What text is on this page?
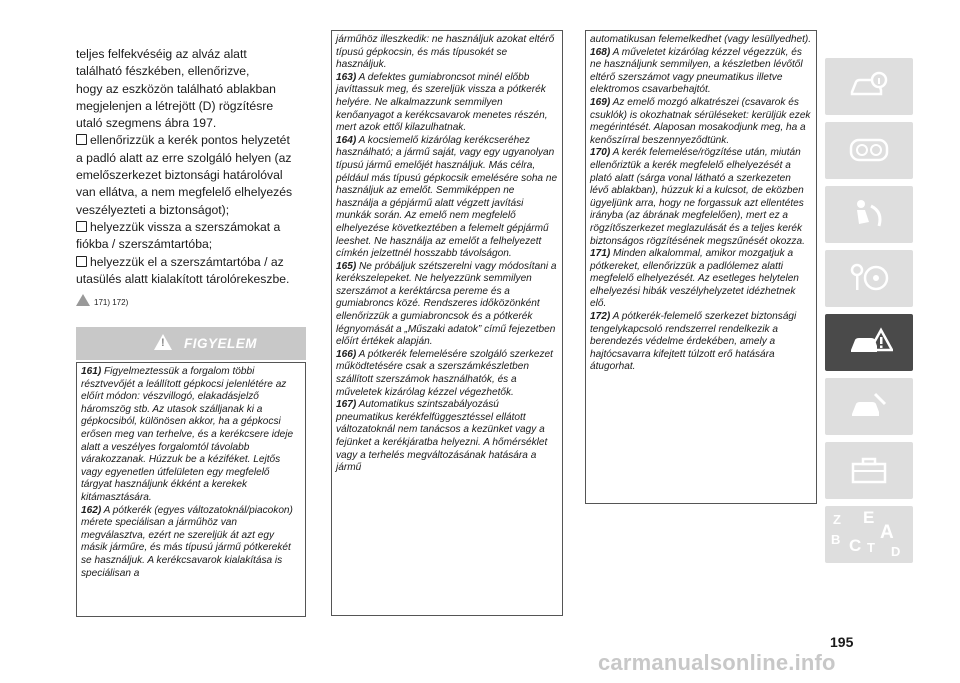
teljes felfekvéséig az alváz alatt

található fészkében, ellenőrizve,

hogy az eszközön található ablakban

megjelenjen a létrejött (D) rögzítésre

utaló szegmens ábra 197.

ellenőrizzük a kerék pontos helyzetét

a padló alatt az erre szolgáló helyen (az

emelőszerkezet biztonsági határolóval

van ellátva, a nem megfelelő elhelyezés

veszélyezteti a biztonságot);

helyezzük vissza a szerszámokat a

fiókba / szerszámtartóba;

helyezzük el a szerszámtartóba / az

utasülés alatt kialakított tárolórekeszbe.

171) 172)
!
FIGYELEM

161) Figyelmeztessük a forgalom többi résztvevőjét a leállított gépkocsi jelenlétére az előírt módon: vészvillogó, elakadásjelző háromszög stb. Az utasok szálljanak ki a gépkocsiból, különösen akkor, ha a gépkocsi erősen meg van terhelve, és a kerékcsere ideje alatt a veszélyes forgalomtól távolabb várakozzanak. Húzzuk be a kéziféket. Lejtős vagy egyenetlen útfelületen egy megfelelő tárgyat használjunk ékként a kerekek kitámasztására.

162) A pótkerék (egyes változatoknál/piacokon) mérete speciálisan a járműhöz van megválasztva, ezért ne szereljük át azt egy másik járműre, és más típusú jármű pótkerekét se használjuk. A kerékcsavarok kialakítása is speciálisan a

járműhöz illeszkedik: ne használjuk azokat eltérő típusú gépkocsin, és más típusokét se használjuk.

163) A defektes gumiabroncsot minél előbb javíttassuk meg, és szereljük vissza a pótkerék helyére. Ne alkalmazzunk semmilyen kenőanyagot a kerékcsavarok menetes részén, mert azok ettől kilazulhatnak.

164) A kocsiemelő kizárólag kerékcseréhez használható; a jármű saját, vagy egy ugyanolyan típusú jármű emelőjét használjuk. Más célra, például más típusú gépkocsik emelésére soha ne használjuk az emelőt. Semmiképpen ne használja a gépjármű alatt végzett javítási munkák során. Az emelő nem megfelelő elhelyezése következtében a felemelt gépjármű leeshet. Ne használja az emelőt a felhelyezett címkén jelzettnél hosszabb távolságon.

165) Ne próbáljuk szétszerelni vagy módosítani a kerékszelepeket. Ne helyezzünk semmilyen szerszámot a keréktárcsa pereme és a gumiabroncs közé. Rendszeres időközönként ellenőrizzük a gumiabroncsok és a pótkerék légnyomását a „Műszaki adatok” című fejezetben előírt értékek alapján.

166) A pótkerék felemelésére szolgáló szerkezet működtetésére csak a szerszámkészletben szállított szerszámok használhatók, és a műveletek kizárólag kézzel végezhetők.

167) Automatikus szintszabályozású pneumatikus kerékfelfüggesztéssel ellátott változatoknál nem tanácsos a kezünket vagy a fejünket a kerékjáratba helyezni. A hőmérséklet vagy a terhelés megváltozásának hatására a jármű

automatikusan felemelkedhet (vagy lesüllyedhet).

168) A műveletet kizárólag kézzel végezzük, és ne használjunk semmilyen, a készletben lévőtől eltérő szerszámot vagy pneumatikus illetve elektromos csavarbehajtót.

169) Az emelő mozgó alkatrészei (csavarok és csuklók) is okozhatnak sérüléseket: kerüljük ezek megérintését. Alaposan mosakodjunk meg, ha a kenőszírral beszennyeződtünk.

170) A kerék felemelése/rögzítése után, miután ellenőriztük a kerék megfelelő elhelyezését a plató alatt (sárga vonal látható a szerkezeten lévő ablakban), húzzuk ki a kulcsot, de eközben ügyeljünk arra, hogy ne forgassuk azt ellentétes irányba (az ábrának megfelelően), mert ez a rögzítőszerkezet meglazulását és a teljes kerék biztonságos rögzítésének megszűnését okozza.

171) Minden alkalommal, amikor mozgatjuk a pótkereket, ellenőrizzük a padlólemez alatti megfelelő elhelyezését. Az esetleges helytelen elhelyezési hibák veszélyhelyzetet idézhetnek elő.

172) A pótkerék-felemelő szerkezet biztonsági tengelykapcsoló rendszerrel rendelkezik a berendezés védelme érdekében, amely a hajtócsavarra kifejtett túlzott erő hatására átugorhat.

Z E
B A
C T D
195
carmanualsonline.info
